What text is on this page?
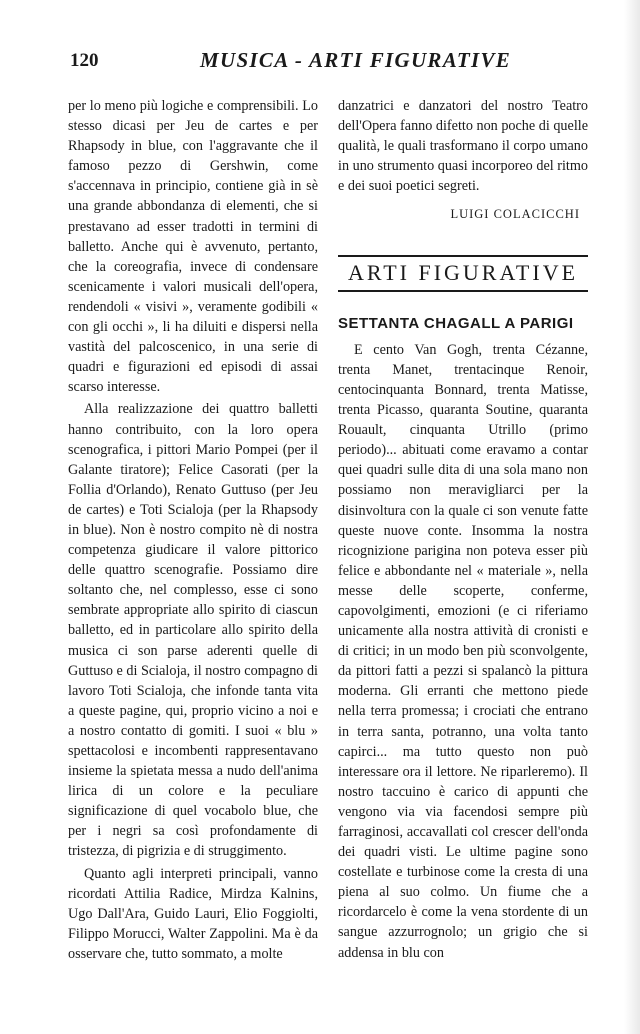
120	MUSICA - ARTI FIGURATIVE

per lo meno più logiche e comprensibili. Lo stesso dicasi per Jeu de cartes e per Rhapsody in blue, con l'aggravante che il famoso pezzo di Gershwin, come s'accennava in principio, contiene già in sè una grande abbondanza di elementi, che si prestavano ad esser tradotti in termini di balletto. Anche qui è avvenuto, pertanto, che la coreografia, invece di condensare scenicamente i valori musicali dell'opera, rendendoli « visivi », veramente godibili « con gli occhi », li ha diluiti e dispersi nella vastità del palcoscenico, in una serie di quadri e figurazioni ed episodi di assai scarso interesse.

Alla realizzazione dei quattro balletti hanno contribuito, con la loro opera scenografica, i pittori Mario Pompei (per il Galante tiratore); Felice Casorati (per la Follia d'Orlando), Renato Guttuso (per Jeu de cartes) e Toti Scialoja (per la Rhapsody in blue). Non è nostro compito nè di nostra competenza giudicare il valore pittorico delle quattro scenografie. Possiamo dire soltanto che, nel complesso, esse ci sono sembrate appropriate allo spirito di ciascun balletto, ed in particolare allo spirito della musica ci son parse aderenti quelle di Guttuso e di Scialoja, il nostro compagno di lavoro Toti Scialoja, che infonde tanta vita a queste pagine, qui, proprio vicino a noi e a nostro contatto di gomiti. I suoi « blu » spettacolosi e incombenti rappresentavano insieme la spietata messa a nudo dell'anima lirica di un colore e la peculiare significazione di quel vocabolo blue, che per i negri sa così profondamente di tristezza, di pigrizia e di struggimento.

Quanto agli interpreti principali, vanno ricordati Attilia Radice, Mirdza Kalnins, Ugo Dall'Ara, Guido Lauri, Elio Foggiolti, Filippo Morucci, Walter Zappolini. Ma è da osservare che, tutto sommato, a molte

danzatrici e danzatori del nostro Teatro dell'Opera fanno difetto non poche di quelle qualità, le quali trasformano il corpo umano in uno strumento quasi incorporeo del ritmo e dei suoi poetici segreti.

LUIGI COLACICCHI
ARTI FIGURATIVE
SETTANTA CHAGALL A PARIGI

E cento Van Gogh, trenta Cézanne, trenta Manet, trentacinque Renoir, centocinquanta Bonnard, trenta Matisse, trenta Picasso, quaranta Soutine, quaranta Rouault, cinquanta Utrillo (primo periodo)... abituati come eravamo a contar quei quadri sulle dita di una sola mano non possiamo non meravigliarci per la disinvoltura con la quale ci son venute fatte queste nuove conte. Insomma la nostra ricognizione parigina non poteva esser più felice e abbondante nel « materiale », nella messe delle scoperte, conferme, capovolgimenti, emozioni (e ci riferiamo unicamente alla nostra attività di cronisti e di critici; in un modo ben più sconvolgente, da pittori fatti a pezzi si spalancò la pittura moderna. Gli erranti che mettono piede nella terra promessa; i crociati che entrano in terra santa, potranno, una volta tanto capirci... ma tutto questo non può interessare ora il lettore. Ne riparleremo). Il nostro taccuino è carico di appunti che vengono via via facendosi sempre più farraginosi, accavallati col crescer dell'onda dei quadri visti. Le ultime pagine sono costellate e turbinose come la cresta di una piena al suo colmo. Un fiume che a ricordarcelo è come la vena stordente di un sangue azzurrognolo; un grigio che si addensa in blu con
